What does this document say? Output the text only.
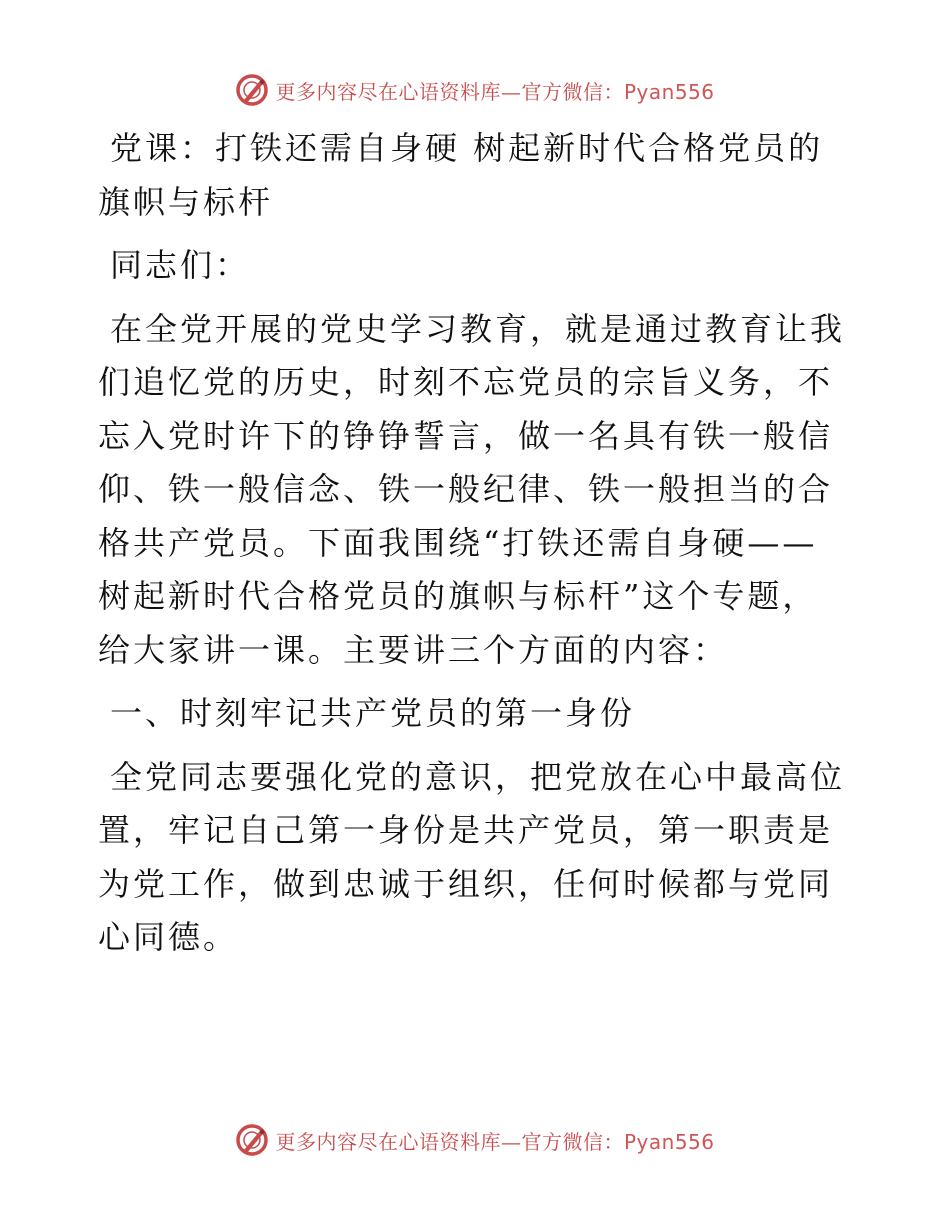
更多内容尽在心语资料库—官方微信：Pyan556

党课：打铁还需自身硬 树起新时代合格党员的旗帜与标杆

同志们：

在全党开展的党史学习教育，就是通过教育让我们追忆党的历史，时刻不忘党员的宗旨义务，不忘入党时许下的铮铮誓言，做一名具有铁一般信仰、铁一般信念、铁一般纪律、铁一般担当的合格共产党员。下面我围绕“打铁还需自身硬——树起新时代合格党员的旗帜与标杆”这个专题，给大家讲一课。主要讲三个方面的内容：

一、时刻牢记共产党员的第一身份

全党同志要强化党的意识，把党放在心中最高位置，牢记自己第一身份是共产党员，第一职责是为党工作，做到忠诚于组织，任何时候都与党同心同德。

更多内容尽在心语资料库—官方微信：Pyan556
